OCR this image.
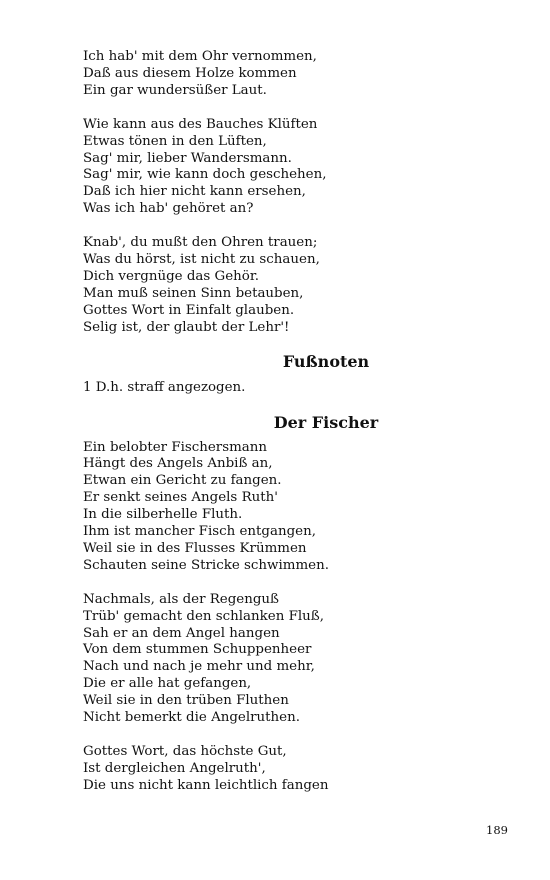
Ich hab' mit dem Ohr vernommen,
Daß aus diesem Holze kommen
Ein gar wundersüßer Laut.
Wie kann aus des Bauches Klüften
Etwas tönen in den Lüften,
Sag' mir, lieber Wandersmann.
Sag' mir, wie kann doch geschehen,
Daß ich hier nicht kann ersehen,
Was ich hab' gehöret an?
Knab', du mußt den Ohren trauen;
Was du hörst, ist nicht zu schauen,
Dich vergnüge das Gehör.
Man muß seinen Sinn betauben,
Gottes Wort in Einfalt glauben.
Selig ist, der glaubt der Lehr'!
Fußnoten

1 D.h. straff angezogen.

Der Fischer
Ein belobter Fischersmann
Hängt des Angels Anbiß an,
Etwan ein Gericht zu fangen.
Er senkt seines Angels Ruth'
In die silberhelle Fluth.
Ihm ist mancher Fisch entgangen,
Weil sie in des Flusses Krümmen
Schauten seine Stricke schwimmen.
Nachmals, als der Regenguß
Trüb' gemacht den schlanken Fluß,
Sah er an dem Angel hangen
Von dem stummen Schuppenheer
Nach und nach je mehr und mehr,
Die er alle hat gefangen,
Weil sie in den trüben Fluthen
Nicht bemerkt die Angelruthen.
Gottes Wort, das höchste Gut,
Ist dergleichen Angelruth',
Die uns nicht kann leichtlich fangen
189
